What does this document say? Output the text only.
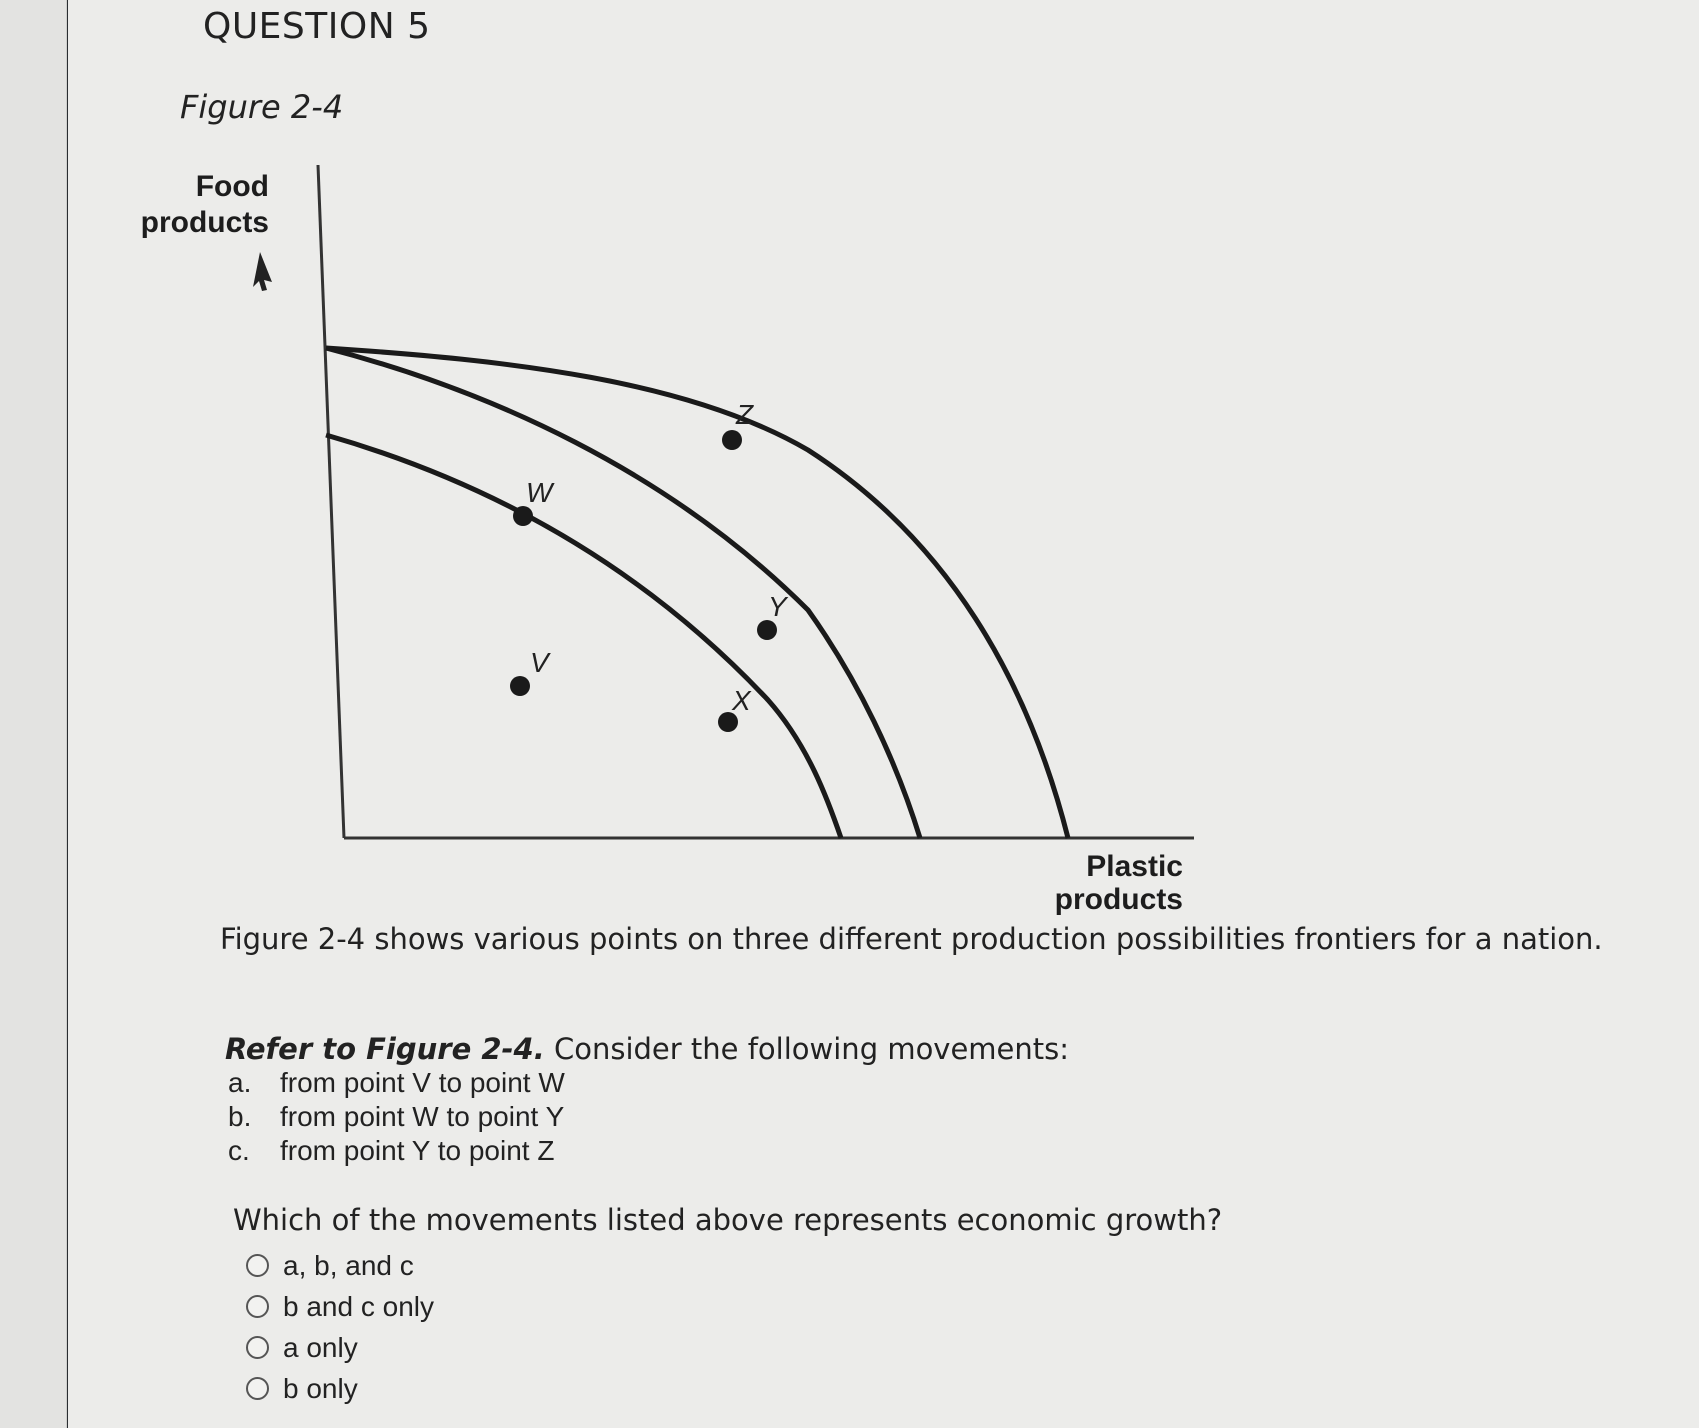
QUESTION 5
Figure 2-4
Food
products
V
W
X
Y
Z
Plastic
products
Figure 2-4 shows various points on three different production possibilities frontiers for a nation.
Refer to Figure 2-4. Consider the following movements:
a.	from point V to point W
b.	from point W to point Y
c.	from point Y to point Z
Which of the movements listed above represents economic growth?
a, b, and c
b and c only
a only
b only
